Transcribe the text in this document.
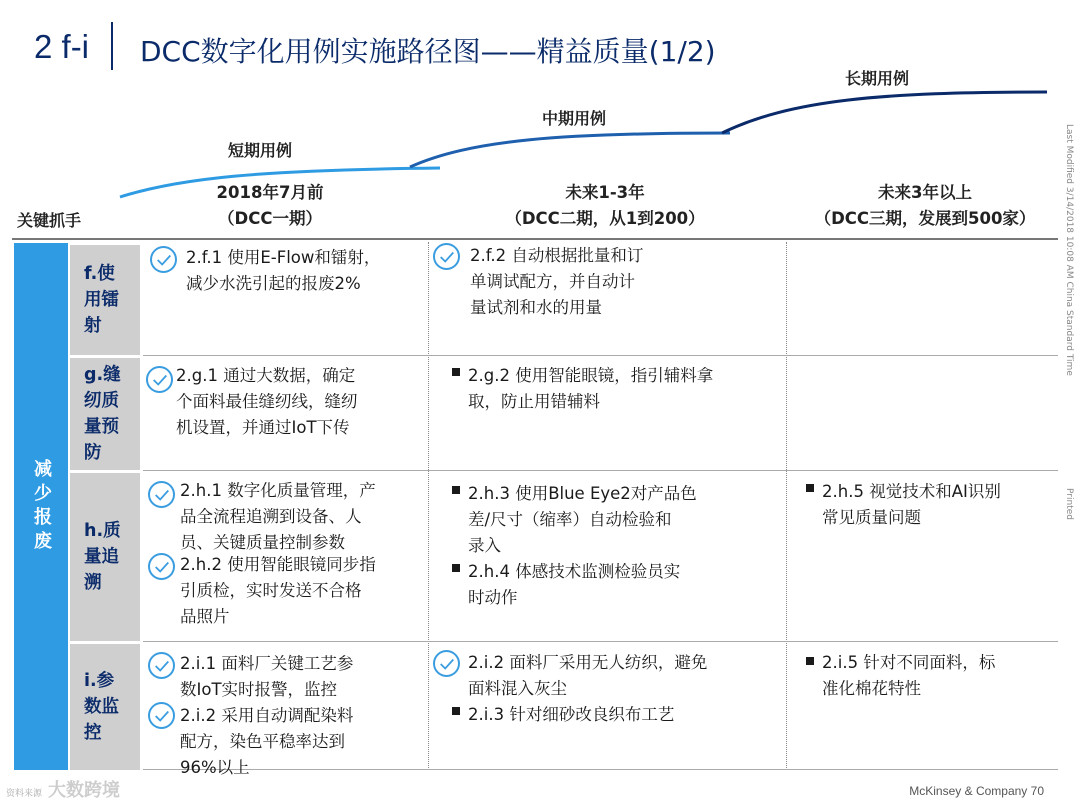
2 f-i DCC数字化用例实施路径图——精益质量(1/2)
短期用例
中期用例
长期用例
2018年7月前
（DCC一期）
未来1-3年
（DCC二期，从1到200）
未来3年以上
（DCC三期，发展到500家）
关键抓手
减少报废
f.使用镭射
g.缝纫质量预防
h.质量追溯
i.参数监控
2.f.1 使用E-Flow和镭射，
减少水洗引起的报废2%
2.f.2 自动根据批量和订
单调试配方，并自动计
量试剂和水的用量
2.g.1 通过大数据，确定
个面料最佳缝纫线，缝纫
机设置，并通过IoT下传
2.g.2 使用智能眼镜，指引辅料拿
取，防止用错辅料
2.h.1 数字化质量管理，产
品全流程追溯到设备、人
员、关键质量控制参数
2.h.2 使用智能眼镜同步指
引质检，实时发送不合格
品照片
2.h.3 使用Blue Eye2对产品色
差/尺寸（缩率）自动检验和
录入
2.h.4 体感技术监测检验员实
时动作
2.h.5 视觉技术和AI识别
常见质量问题
2.i.1 面料厂关键工艺参
数IoT实时报警，监控
2.i.2 采用自动调配染料
配方，染色平稳率达到
96%以上
2.i.2 面料厂采用无人纺织，避免
面料混入灰尘
2.i.3 针对细砂改良织布工艺
2.i.5 针对不同面料，标
准化棉花特性
Last Modified 3/14/2018 10:08 AM China Standard Time
Printed
McKinsey & Company 70
资料来源 大数跨境
